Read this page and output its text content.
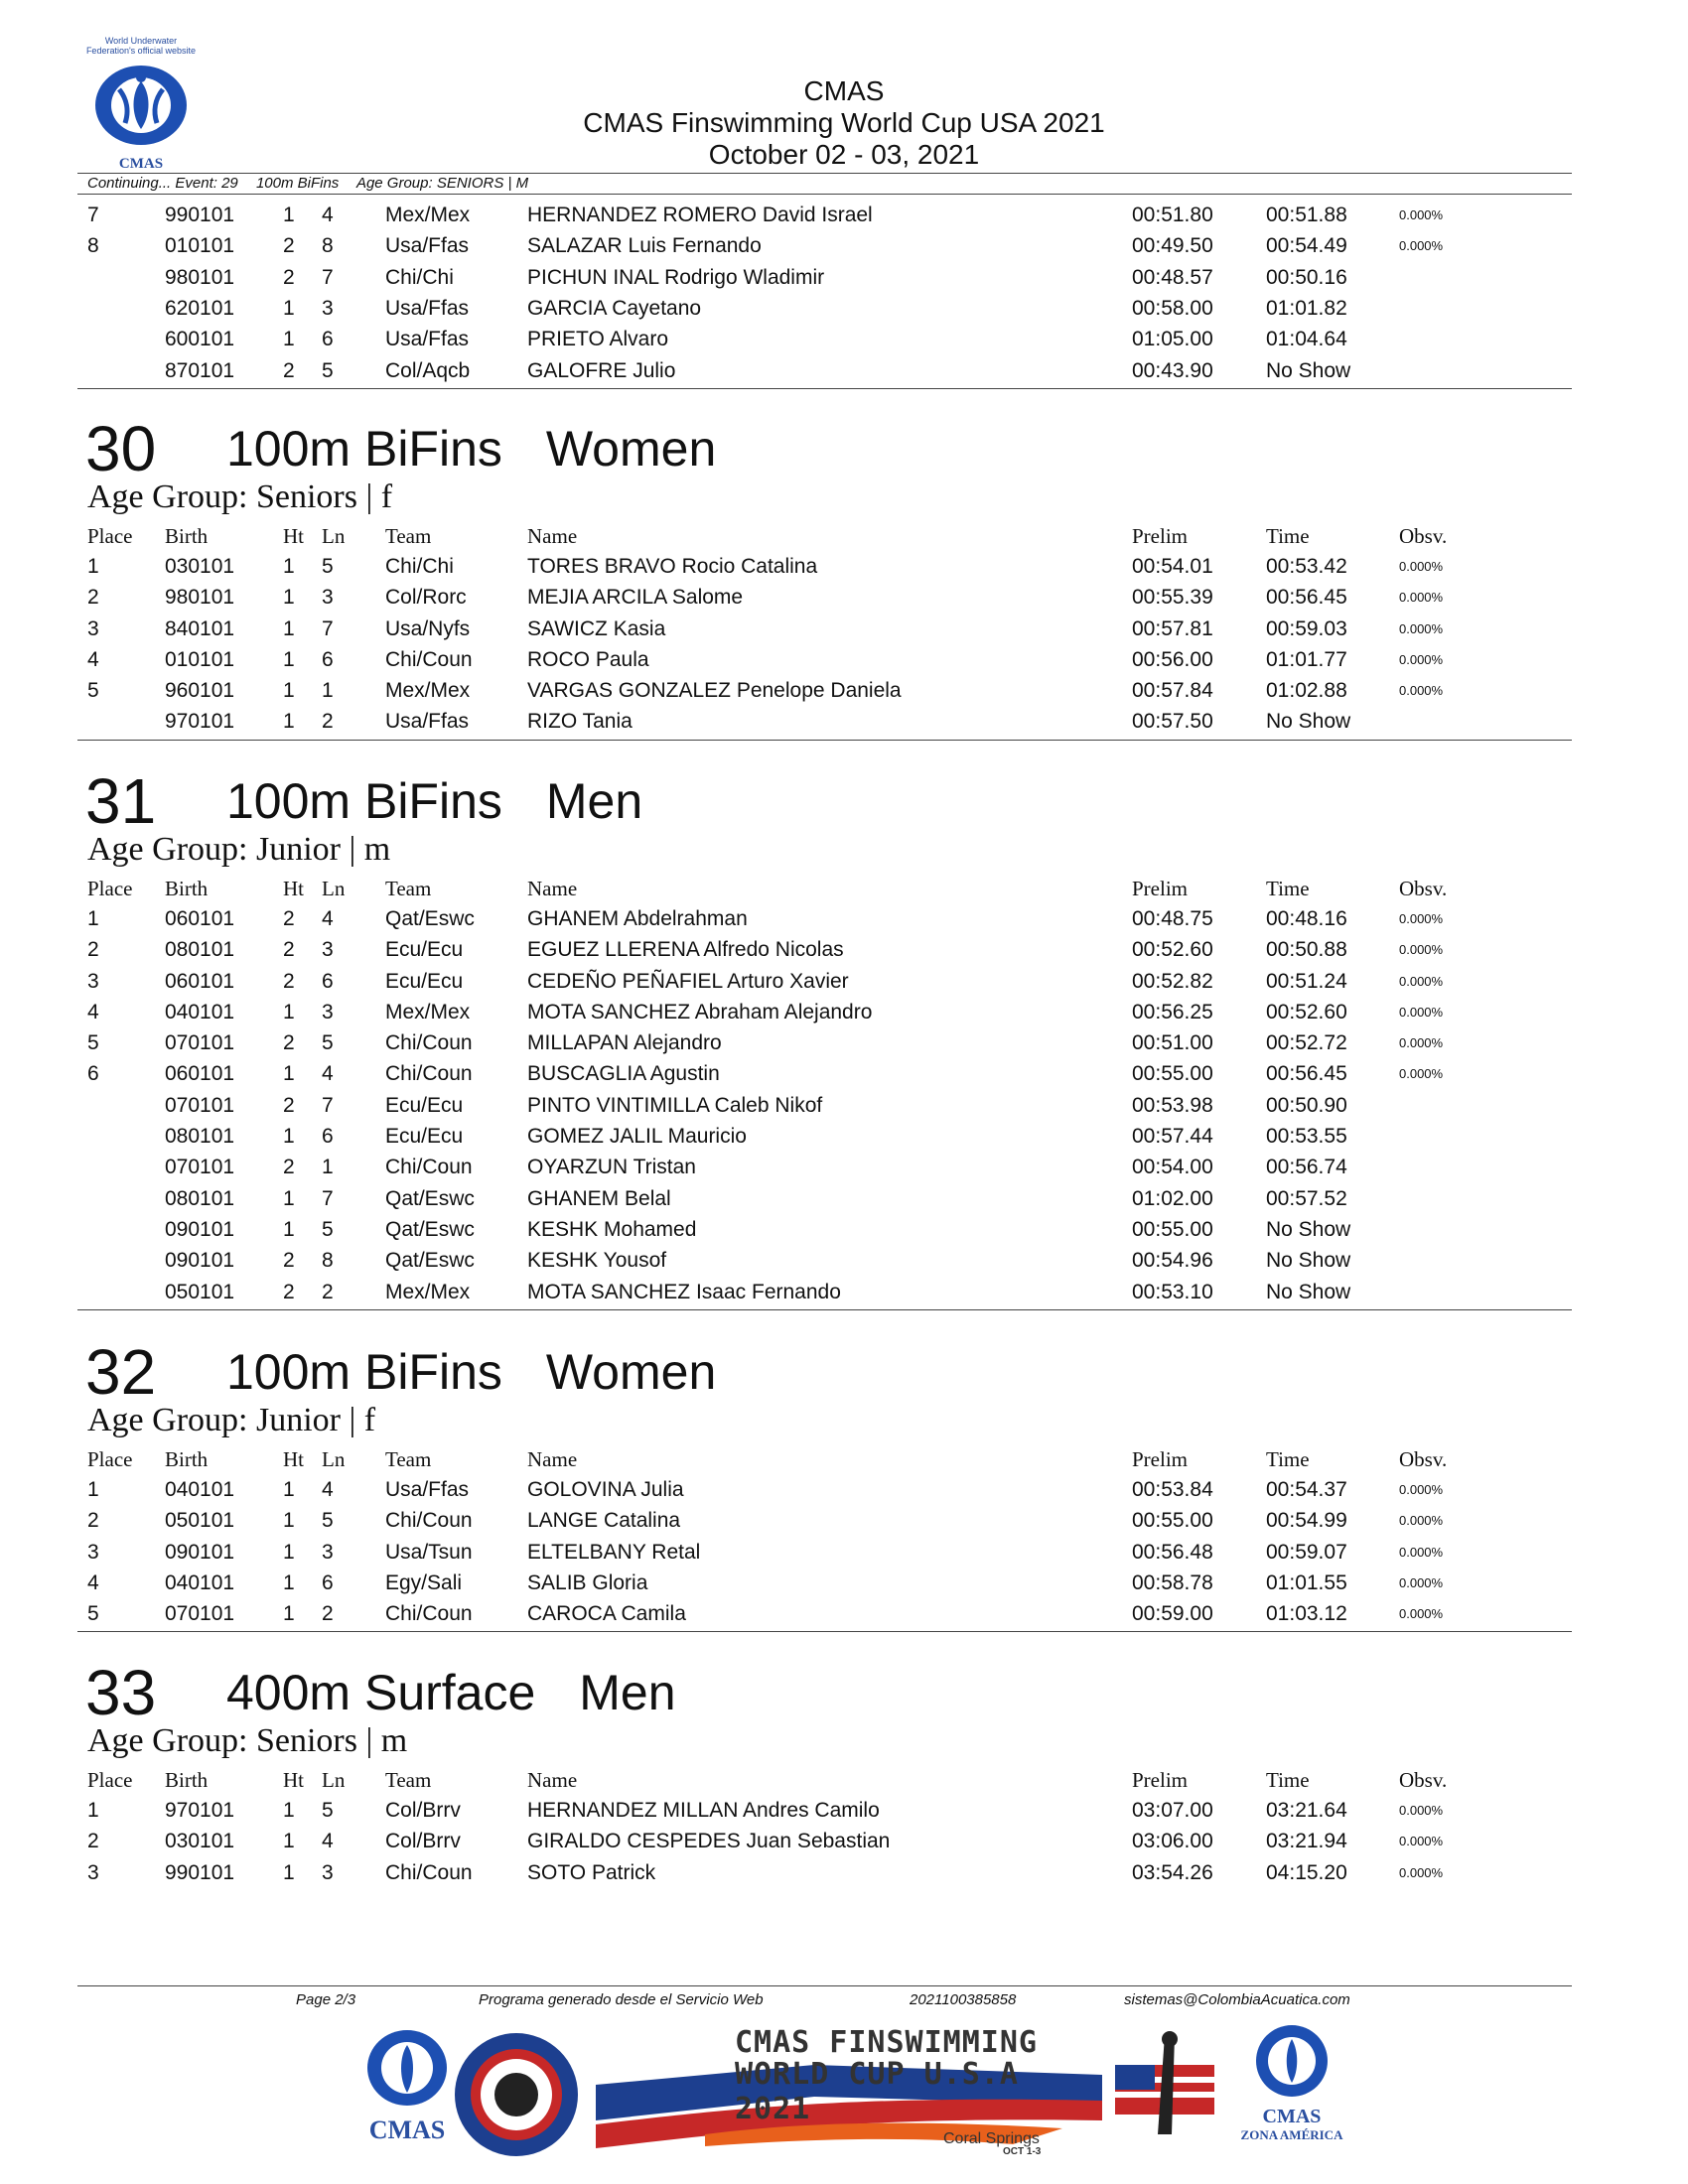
World Underwater Federation's official website
CMAS
CMAS
CMAS Finswimming World Cup USA 2021
October 02 - 03, 2021
Continuing... Event: 29 100m BiFins Age Group: SENIORS | M
7	990101 1 4 Mex/Mex	HERNANDEZ ROMERO David Israel	00:51.80	00:51.88	0.000%
8	010101 2 8 Usa/Ffas	SALAZAR Luis Fernando	00:49.50	00:54.49	0.000%
980101 2 7 Chi/Chi	PICHUN INAL Rodrigo Wladimir	00:48.57	00:50.16
620101 1 3 Usa/Ffas	GARCIA Cayetano	00:58.00	01:01.82
600101 1 6 Usa/Ffas	PRIETO Alvaro	01:05.00	01:04.64
870101 2 5 Col/Aqcb	GALOFRE Julio	00:43.90	No Show
30 100m BiFins Women
Age Group: Seniors | f
Place Birth	Ht Ln Team	Name	Prelim	Time	Obsv.
1	030101 1 5 Chi/Chi	TORES BRAVO Rocio Catalina	00:54.01	00:53.42	0.000%
2	980101 1 3 Col/Rorc	MEJIA ARCILA Salome	00:55.39	00:56.45	0.000%
3	840101 1 7 Usa/Nyfs	SAWICZ Kasia	00:57.81	00:59.03	0.000%
4	010101 1 6 Chi/Coun	ROCO Paula	00:56.00	01:01.77	0.000%
5	960101 1 1 Mex/Mex	VARGAS GONZALEZ Penelope Daniela	00:57.84	01:02.88	0.000%
970101 1 2 Usa/Ffas	RIZO Tania	00:57.50	No Show
31 100m BiFins Men
Age Group: Junior | m
Place Birth	Ht Ln Team	Name	Prelim	Time	Obsv.
1	060101 2 4 Qat/Eswc	GHANEM Abdelrahman	00:48.75	00:48.16	0.000%
2	080101 2 3 Ecu/Ecu	EGUEZ LLERENA Alfredo Nicolas	00:52.60	00:50.88	0.000%
3	060101 2 6 Ecu/Ecu	CEDEÑO PEÑAFIEL Arturo Xavier	00:52.82	00:51.24	0.000%
4	040101 1 3 Mex/Mex	MOTA SANCHEZ Abraham Alejandro	00:56.25	00:52.60	0.000%
5	070101 2 5 Chi/Coun	MILLAPAN Alejandro	00:51.00	00:52.72	0.000%
6	060101 1 4 Chi/Coun	BUSCAGLIA Agustin	00:55.00	00:56.45	0.000%
070101 2 7 Ecu/Ecu	PINTO VINTIMILLA Caleb Nikof	00:53.98	00:50.90
080101 1 6 Ecu/Ecu	GOMEZ JALIL Mauricio	00:57.44	00:53.55
070101 2 1 Chi/Coun	OYARZUN Tristan	00:54.00	00:56.74
080101 1 7 Qat/Eswc	GHANEM Belal	01:02.00	00:57.52
090101 1 5 Qat/Eswc	KESHK Mohamed	00:55.00	No Show
090101 2 8 Qat/Eswc	KESHK Yousof	00:54.96	No Show
050101 2 2 Mex/Mex	MOTA SANCHEZ Isaac Fernando	00:53.10	No Show
32 100m BiFins Women
Age Group: Junior | f
Place Birth	Ht Ln Team	Name	Prelim	Time	Obsv.
1	040101 1 4 Usa/Ffas	GOLOVINA Julia	00:53.84	00:54.37	0.000%
2	050101 1 5 Chi/Coun	LANGE Catalina	00:55.00	00:54.99	0.000%
3	090101 1 3 Usa/Tsun	ELTELBANY Retal	00:56.48	00:59.07	0.000%
4	040101 1 6 Egy/Sali	SALIB Gloria	00:58.78	01:01.55	0.000%
5	070101 1 2 Chi/Coun	CAROCA Camila	00:59.00	01:03.12	0.000%
33 400m Surface Men
Age Group: Seniors | m
Place Birth	Ht Ln Team	Name	Prelim	Time	Obsv.
1	970101 1 5 Col/Brrv	HERNANDEZ MILLAN Andres Camilo	03:07.00	03:21.64	0.000%
2	030101 1 4 Col/Brrv	GIRALDO CESPEDES Juan Sebastian	03:06.00	03:21.94	0.000%
3	990101 1 3 Chi/Coun	SOTO Patrick	03:54.26	04:15.20	0.000%
Page 2/3	Programa generado desde el Servicio Web	2021100385858	sistemas@ColombiaAcuatica.com
CMAS
CMAS FINSWIMMING
WORLD CUP U.S.A 2021
Coral Springs
OCT 1-3
CMAS
ZONA AMÉRICA
